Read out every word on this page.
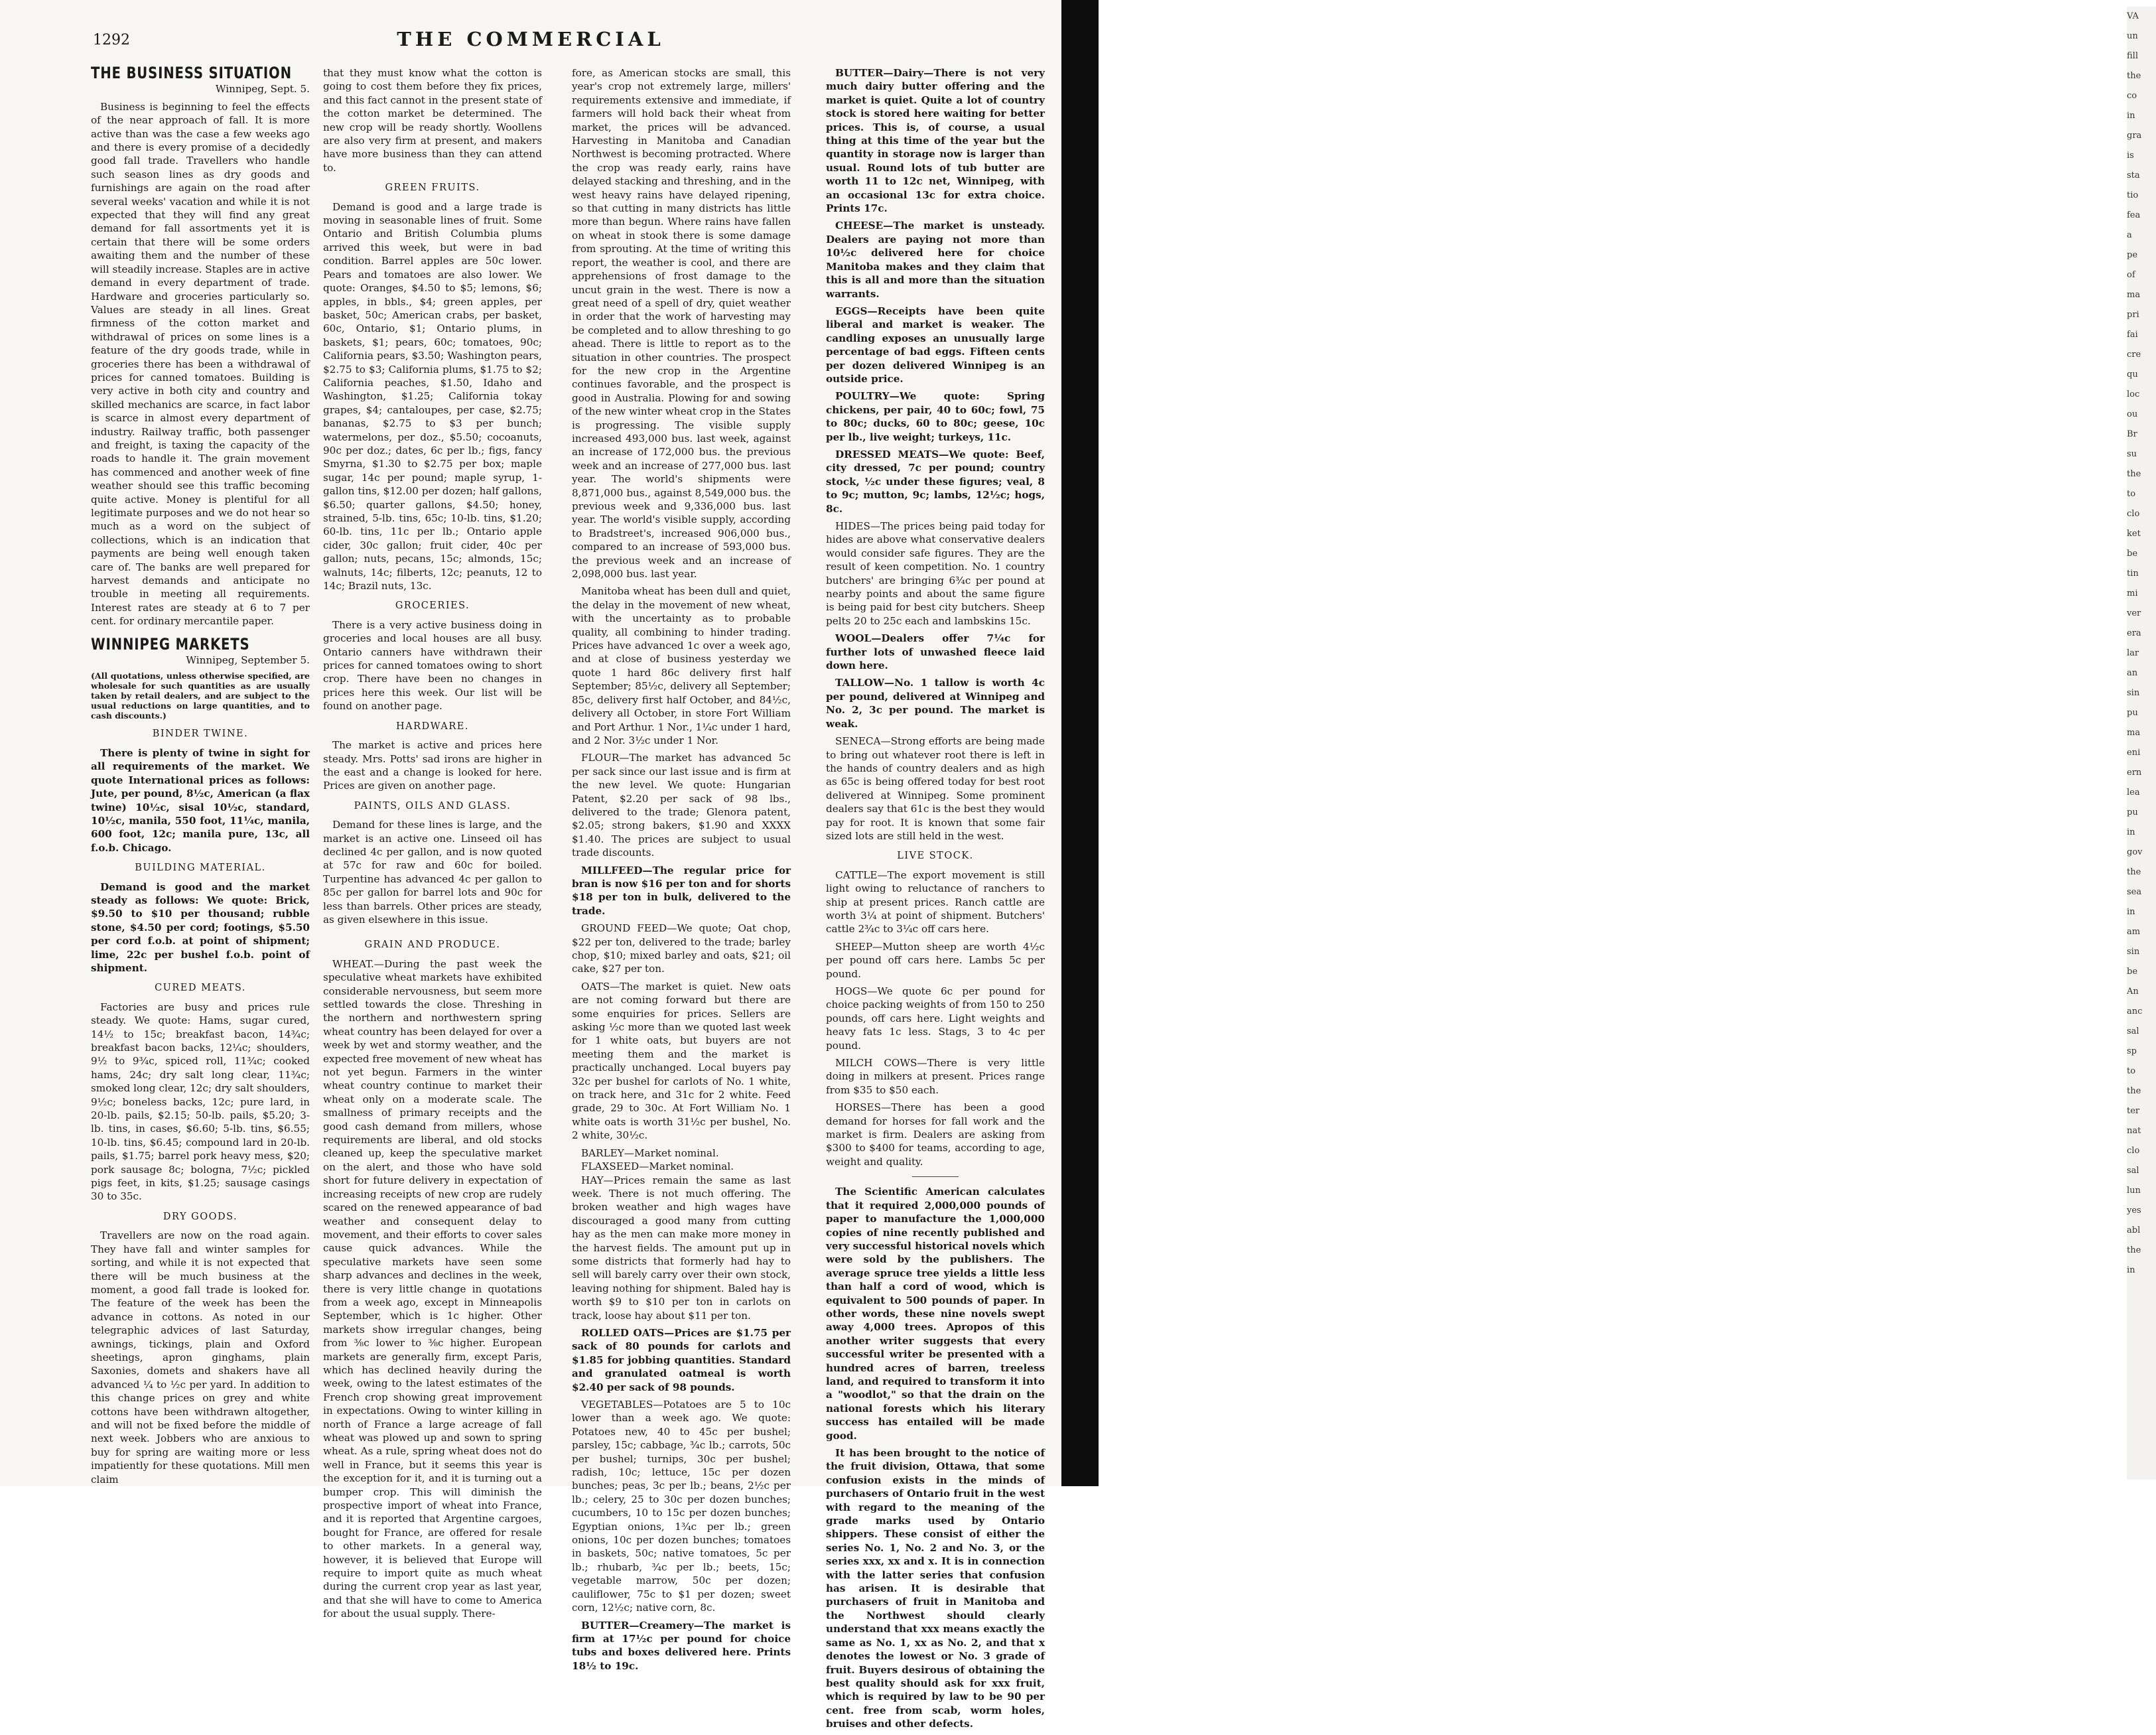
1292	THE COMMERCIAL
THE BUSINESS SITUATION
Winnipeg, Sept. 5.

Business is beginning to feel the effects of the near approach of fall. It is more active than was the case a few weeks ago and there is every promise of a decidedly good fall trade. Travellers who handle such season lines as dry goods and furnishings are again on the road after several weeks' vacation and while it is not expected that they will find any great demand for fall assortments yet it is certain that there will be some orders awaiting them and the number of these will steadily increase. Staples are in active demand in every department of trade. Hardware and groceries particularly so. Values are steady in all lines. Great firmness of the cotton market and withdrawal of prices on some lines is a feature of the dry goods trade, while in groceries there has been a withdrawal of prices for canned tomatoes. Building is very active in both city and country and skilled mechanics are scarce, in fact labor is scarce in almost every department of industry. Railway traffic, both passenger and freight, is taxing the capacity of the roads to handle it. The grain movement has commenced and another week of fine weather should see this traffic becoming quite active. Money is plentiful for all legitimate purposes and we do not hear so much as a word on the subject of collections, which is an indication that payments are being well enough taken care of. The banks are well prepared for harvest demands and anticipate no trouble in meeting all requirements. Interest rates are steady at 6 to 7 per cent. for ordinary mercantile paper.

WINNIPEG MARKETS
Winnipeg, September 5.
(All quotations, unless otherwise specified, are wholesale for such quantities as are usually taken by retail dealers, and are subject to the usual reductions on large quantities, and to cash discounts.)
BINDER TWINE.

There is plenty of twine in sight for all requirements of the market. We quote International prices as follows: Jute, per pound, 8½c, American (a flax twine) 10½c, sisal 10½c, standard, 10½c, manila, 550 foot, 11¼c, manila, 600 foot, 12c; manila pure, 13c, all f.o.b. Chicago.

BUILDING MATERIAL.

Demand is good and the market steady as follows: We quote: Brick, $9.50 to $10 per thousand; rubble stone, $4.50 per cord; footings, $5.50 per cord f.o.b. at point of shipment; lime, 22c per bushel f.o.b. point of shipment.

CURED MEATS.

Factories are busy and prices rule steady. We quote: Hams, sugar cured, 14½ to 15c; breakfast bacon, 14¾c; breakfast bacon backs, 12¼c; shoulders, 9½ to 9¾c, spiced roll, 11¾c; cooked hams, 24c; dry salt long clear, 11¾c; smoked long clear, 12c; dry salt shoulders, 9½c; boneless backs, 12c; pure lard, in 20-lb. pails, $2.15; 50-lb. pails, $5.20; 3-lb. tins, in cases, $6.60; 5-lb. tins, $6.55; 10-lb. tins, $6.45; compound lard in 20-lb. pails, $1.75; barrel pork heavy mess, $20; pork sausage 8c; bologna, 7½c; pickled pigs feet, in kits, $1.25; sausage casings 30 to 35c.

DRY GOODS.

Travellers are now on the road again. They have fall and winter samples for sorting, and while it is not expected that there will be much business at the moment, a good fall trade is looked for. The feature of the week has been the advance in cottons. As noted in our telegraphic advices of last Saturday, awnings, tickings, plain and Oxford sheetings, apron ginghams, plain Saxonies, domets and shakers have all advanced ¼ to ½c per yard. In addition to this change prices on grey and white cottons have been withdrawn altogether, and will not be fixed before the middle of next week. Jobbers who are anxious to buy for spring are waiting more or less impatiently for these quotations. Mill men claim

that they must know what the cotton is going to cost them before they fix prices, and this fact cannot in the present state of the cotton market be determined. The new crop will be ready shortly. Woollens are also very firm at present, and makers have more business than they can attend to.

GREEN FRUITS.

Demand is good and a large trade is moving in seasonable lines of fruit. Some Ontario and British Columbia plums arrived this week, but were in bad condition. Barrel apples are 50c lower. Pears and tomatoes are also lower. We quote: Oranges, $4.50 to $5; lemons, $6; apples, in bbls., $4; green apples, per basket, 50c; American crabs, per basket, 60c, Ontario, $1; Ontario plums, in baskets, $1; pears, 60c; tomatoes, 90c; California pears, $3.50; Washington pears, $2.75 to $3; California plums, $1.75 to $2; California peaches, $1.50, Idaho and Washington, $1.25; California tokay grapes, $4; cantaloupes, per case, $2.75; bananas, $2.75 to $3 per bunch; watermelons, per doz., $5.50; cocoanuts, 90c per doz.; dates, 6c per lb.; figs, fancy Smyrna, $1.30 to $2.75 per box; maple sugar, 14c per pound; maple syrup, 1-gallon tins, $12.00 per dozen; half gallons, $6.50; quarter gallons, $4.50; honey, strained, 5-lb. tins, 65c; 10-lb. tins, $1.20; 60-lb. tins, 11c per lb.; Ontario apple cider, 30c gallon; fruit cider, 40c per gallon; nuts, pecans, 15c; almonds, 15c; walnuts, 14c; filberts, 12c; peanuts, 12 to 14c; Brazil nuts, 13c.

GROCERIES.

There is a very active business doing in groceries and local houses are all busy. Ontario canners have withdrawn their prices for canned tomatoes owing to short crop. There have been no changes in prices here this week. Our list will be found on another page.

HARDWARE.

The market is active and prices here steady. Mrs. Potts' sad irons are higher in the east and a change is looked for here. Prices are given on another page.

PAINTS, OILS AND GLASS.

Demand for these lines is large, and the market is an active one. Linseed oil has declined 4c per gallon, and is now quoted at 57c for raw and 60c for boiled. Turpentine has advanced 4c per gallon to 85c per gallon for barrel lots and 90c for less than barrels. Other prices are steady, as given elsewhere in this issue.

GRAIN AND PRODUCE.

WHEAT.—During the past week the speculative wheat markets have exhibited considerable nervousness, but seem more settled towards the close. Threshing in the northern and northwestern spring wheat country has been delayed for over a week by wet and stormy weather, and the expected free movement of new wheat has not yet begun. Farmers in the winter wheat country continue to market their wheat only on a moderate scale. The smallness of primary receipts and the good cash demand from millers, whose requirements are liberal, and old stocks cleaned up, keep the speculative market on the alert, and those who have sold short for future delivery in expectation of increasing receipts of new crop are rudely scared on the renewed appearance of bad weather and consequent delay to movement, and their efforts to cover sales cause quick advances. While the speculative markets have seen some sharp advances and declines in the week, there is very little change in quotations from a week ago, except in Minneapolis September, which is 1c higher. Other markets show irregular changes, being from ⅜c lower to ⅜c higher. European markets are generally firm, except Paris, which has declined heavily during the week, owing to the latest estimates of the French crop showing great improvement in expectations. Owing to winter killing in north of France a large acreage of fall wheat was plowed up and sown to spring wheat. As a rule, spring wheat does not do well in France, but it seems this year is the exception for it, and it is turning out a bumper crop. This will diminish the prospective import of wheat into France, and it is reported that Argentine cargoes, bought for France, are offered for resale to other markets. In a general way, however, it is believed that Europe will require to import quite as much wheat during the current crop year as last year, and that she will have to come to America for about the usual supply. There-

fore, as American stocks are small, this year's crop not extremely large, millers' requirements extensive and immediate, if farmers will hold back their wheat from market, the prices will be advanced. Harvesting in Manitoba and Canadian Northwest is becoming protracted. Where the crop was ready early, rains have delayed stacking and threshing, and in the west heavy rains have delayed ripening, so that cutting in many districts has little more than begun. Where rains have fallen on wheat in stook there is some damage from sprouting. At the time of writing this report, the weather is cool, and there are apprehensions of frost damage to the uncut grain in the west. There is now a great need of a spell of dry, quiet weather in order that the work of harvesting may be completed and to allow threshing to go ahead. There is little to report as to the situation in other countries. The prospect for the new crop in the Argentine continues favorable, and the prospect is good in Australia. Plowing for and sowing of the new winter wheat crop in the States is progressing. The visible supply increased 493,000 bus. last week, against an increase of 172,000 bus. the previous week and an increase of 277,000 bus. last year. The world's shipments were 8,871,000 bus., against 8,549,000 bus. the previous week and 9,336,000 bus. last year. The world's visible supply, according to Bradstreet's, increased 906,000 bus., compared to an increase of 593,000 bus. the previous week and an increase of 2,098,000 bus. last year.

Manitoba wheat has been dull and quiet, the delay in the movement of new wheat, with the uncertainty as to probable quality, all combining to hinder trading. Prices have advanced 1c over a week ago, and at close of business yesterday we quote 1 hard 86c delivery first half September; 85½c, delivery all September; 85c, delivery first half October, and 84½c, delivery all October, in store Fort William and Port Arthur. 1 Nor., 1¼c under 1 hard, and 2 Nor. 3½c under 1 Nor.

FLOUR—The market has advanced 5c per sack since our last issue and is firm at the new level. We quote: Hungarian Patent, $2.20 per sack of 98 lbs., delivered to the trade; Glenora patent, $2.05; strong bakers, $1.90 and XXXX $1.40. The prices are subject to usual trade discounts.

MILLFEED—The regular price for bran is now $16 per ton and for shorts $18 per ton in bulk, delivered to the trade.

GROUND FEED—We quote; Oat chop, $22 per ton, delivered to the trade; barley chop, $10; mixed barley and oats, $21; oil cake, $27 per ton.

OATS—The market is quiet. New oats are not coming forward but there are some enquiries for prices. Sellers are asking ½c more than we quoted last week for 1 white oats, but buyers are not meeting them and the market is practically unchanged. Local buyers pay 32c per bushel for carlots of No. 1 white, on track here, and 31c for 2 white. Feed grade, 29 to 30c. At Fort William No. 1 white oats is worth 31½c per bushel, No. 2 white, 30½c.

BARLEY—Market nominal.

FLAXSEED—Market nominal.

HAY—Prices remain the same as last week. There is not much offering. The broken weather and high wages have discouraged a good many from cutting hay as the men can make more money in the harvest fields. The amount put up in some districts that formerly had hay to sell will barely carry over their own stock, leaving nothing for shipment. Baled hay is worth $9 to $10 per ton in carlots on track, loose hay about $11 per ton.

ROLLED OATS—Prices are $1.75 per sack of 80 pounds for carlots and $1.85 for jobbing quantities. Standard and granulated oatmeal is worth $2.40 per sack of 98 pounds.

VEGETABLES—Potatoes are 5 to 10c lower than a week ago. We quote: Potatoes new, 40 to 45c per bushel; parsley, 15c; cabbage, ¾c lb.; carrots, 50c per bushel; turnips, 30c per bushel; radish, 10c; lettuce, 15c per dozen bunches; peas, 3c per lb.; beans, 2½c per lb.; celery, 25 to 30c per dozen bunches; cucumbers, 10 to 15c per dozen bunches; Egyptian onions, 1¾c per lb.; green onions, 10c per dozen bunches; tomatoes in baskets, 50c; native tomatoes, 5c per lb.; rhubarb, ¾c per lb.; beets, 15c; vegetable marrow, 50c per dozen; cauliflower, 75c to $1 per dozen; sweet corn, 12½c; native corn, 8c.

BUTTER—Creamery—The market is firm at 17½c per pound for choice tubs and boxes delivered here. Prints 18½ to 19c.

BUTTER—Dairy—There is not very much dairy butter offering and the market is quiet. Quite a lot of country stock is stored here waiting for better prices. This is, of course, a usual thing at this time of the year but the quantity in storage now is larger than usual. Round lots of tub butter are worth 11 to 12c net, Winnipeg, with an occasional 13c for extra choice. Prints 17c.

CHEESE—The market is unsteady. Dealers are paying not more than 10½c delivered here for choice Manitoba makes and they claim that this is all and more than the situation warrants.

EGGS—Receipts have been quite liberal and market is weaker. The candling exposes an unusually large percentage of bad eggs. Fifteen cents per dozen delivered Winnipeg is an outside price.

POULTRY—We quote: Spring chickens, per pair, 40 to 60c; fowl, 75 to 80c; ducks, 60 to 80c; geese, 10c per lb., live weight; turkeys, 11c.

DRESSED MEATS—We quote: Beef, city dressed, 7c per pound; country stock, ½c under these figures; veal, 8 to 9c; mutton, 9c; lambs, 12½c; hogs, 8c.

HIDES—The prices being paid today for hides are above what conservative dealers would consider safe figures. They are the result of keen competition. No. 1 country butchers' are bringing 6¾c per pound at nearby points and about the same figure is being paid for best city butchers. Sheep pelts 20 to 25c each and lambskins 15c.

WOOL—Dealers offer 7¼c for further lots of unwashed fleece laid down here.

TALLOW—No. 1 tallow is worth 4c per pound, delivered at Winnipeg and No. 2, 3c per pound. The market is weak.

SENECA—Strong efforts are being made to bring out whatever root there is left in the hands of country dealers and as high as 65c is being offered today for best root delivered at Winnipeg. Some prominent dealers say that 61c is the best they would pay for root. It is known that some fair sized lots are still held in the west.

LIVE STOCK.

CATTLE—The export movement is still light owing to reluctance of ranchers to ship at present prices. Ranch cattle are worth 3¼ at point of shipment. Butchers' cattle 2¾c to 3¼c off cars here.

SHEEP—Mutton sheep are worth 4½c per pound off cars here. Lambs 5c per pound.

HOGS—We quote 6c per pound for choice packing weights of from 150 to 250 pounds, off cars here. Light weights and heavy fats 1c less. Stags, 3 to 4c per pound.

MILCH COWS—There is very little doing in milkers at present. Prices range from $35 to $50 each.

HORSES—There has been a good demand for horses for fall work and the market is firm. Dealers are asking from $300 to $400 for teams, according to age, weight and quality.

The Scientific American calculates that it required 2,000,000 pounds of paper to manufacture the 1,000,000 copies of nine recently published and very successful historical novels which were sold by the publishers. The average spruce tree yields a little less than half a cord of wood, which is equivalent to 500 pounds of paper. In other words, these nine novels swept away 4,000 trees. Apropos of this another writer suggests that every successful writer be presented with a hundred acres of barren, treeless land, and required to transform it into a "woodlot," so that the drain on the national forests which his literary success has entailed will be made good.

It has been brought to the notice of the fruit division, Ottawa, that some confusion exists in the minds of purchasers of Ontario fruit in the west with regard to the meaning of the grade marks used by Ontario shippers. These consist of either the series No. 1, No. 2 and No. 3, or the series xxx, xx and x. It is in connection with the latter series that confusion has arisen. It is desirable that purchasers of fruit in Manitoba and the Northwest should clearly understand that xxx means exactly the same as No. 1, xx as No. 2, and that x denotes the lowest or No. 3 grade of fruit. Buyers desirous of obtaining the best quality should ask for xxx fruit, which is required by law to be 90 per cent. free from scab, worm holes, bruises and other defects.

VA
un
fill
the
co
in
gra
is
sta
tio
fea
a
pe
of
ma
pri
fai
cre
qu
loc
ou
Br
su
the
to
clo
ket
be
tin
mi
ver
era
lar
an
sin
pu
ma
eni
ern
lea
pu
in
gov
the
sea
in
am
sin
be
An
anc
sal
sp
to
the
ter
nat
clo
sal
lun
yes
abl
the
in
